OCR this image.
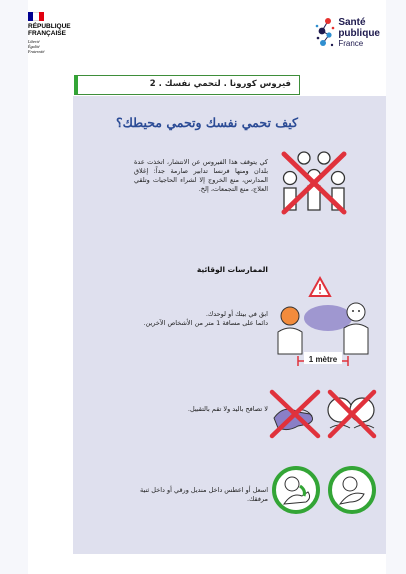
RÉPUBLIQUE
FRANÇAISE
Liberté
Égalité
Fraternité
Santé
publique
France
فيروس كورونا . لتحمي نفسك . 2
كيف تحمي نفسك وتحمي محيطك؟
كي يتوقف هذا الفيروس عن الانتشار، اتخذت عدة بلدان ومنها فرنسا تدابير صارمة جداً: إغلاق المدارس، منع الخروج إلا لشراء الحاجيات وتلقي العلاج، منع التجمعات، إلخ.
الممارسات الوقائية
1 mètre
ابق في بيتك أو لوحدك.
دائما على مسافة 1 متر من الأشخاص الآخرين.
لا تصافح باليد ولا تقم بالتقبيل.
اسعل أو اعطس داخل منديل ورقي أو داخل ثنية مرفقك.
